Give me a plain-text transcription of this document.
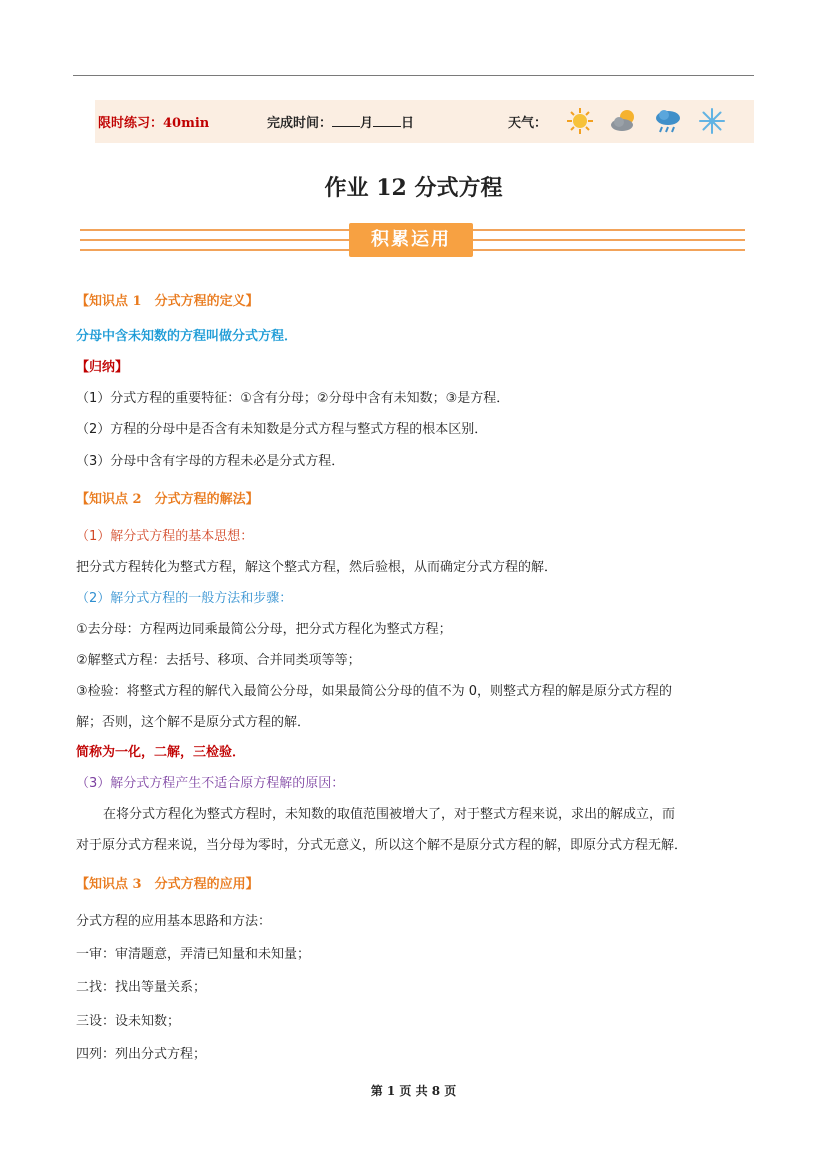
限时练习：40min	完成时间： 月 日	天气：
作业 12 分式方程
积累运用
【知识点 1　分式方程的定义】
分母中含未知数的方程叫做分式方程．
【归纳】
（1）分式方程的重要特征：①含有分母；②分母中含有未知数；③是方程．
（2）方程的分母中是否含有未知数是分式方程与整式方程的根本区别．
（3）分母中含有字母的方程未必是分式方程．
【知识点 2　分式方程的解法】
（1）解分式方程的基本思想：
把分式方程转化为整式方程，解这个整式方程，然后验根，从而确定分式方程的解．
（2）解分式方程的一般方法和步骤：
①去分母：方程两边同乘最简公分母，把分式方程化为整式方程；
②解整式方程：去括号、移项、合并同类项等等；
③检验：将整式方程的解代入最简公分母，如果最简公分母的值不为 0，则整式方程的解是原分式方程的
解；否则，这个解不是原分式方程的解．
简称为一化，二解，三检验．
（3）解分式方程产生不适合原方程解的原因：
在将分式方程化为整式方程时，未知数的取值范围被增大了，对于整式方程来说，求出的解成立，而
对于原分式方程来说，当分母为零时，分式无意义，所以这个解不是原分式方程的解，即原分式方程无解．
【知识点 3　分式方程的应用】
分式方程的应用基本思路和方法：
一审：审清题意，弄清已知量和未知量；
二找：找出等量关系；
三设：设未知数；
四列：列出分式方程；
第 1 页 共 8 页
